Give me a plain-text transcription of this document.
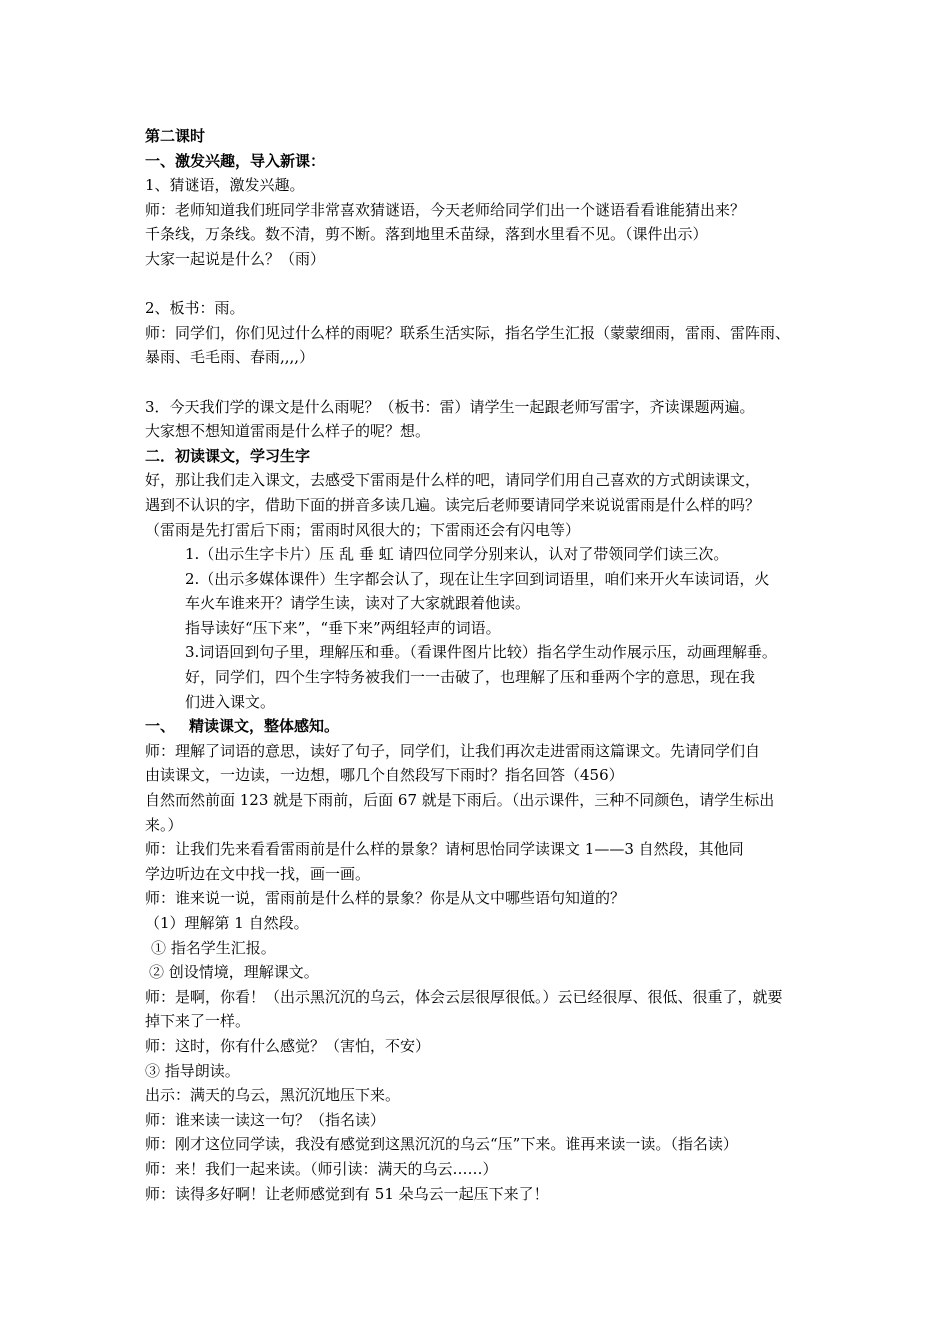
第二课时
一、激发兴趣，导入新课：
1、猜谜语，激发兴趣。
师：老师知道我们班同学非常喜欢猜谜语，今天老师给同学们出一个谜语看看谁能猜出来？
千条线，万条线。数不清，剪不断。落到地里禾苗绿，落到水里看不见。（课件出示）
大家一起说是什么？（雨）
2、板书：雨。
师：同学们，你们见过什么样的雨呢？联系生活实际，指名学生汇报（蒙蒙细雨，雷雨、雷阵雨、
暴雨、毛毛雨、春雨,,,,）
3．今天我们学的课文是什么雨呢？（板书：雷）请学生一起跟老师写雷字，齐读课题两遍。
大家想不想知道雷雨是什么样子的呢？想。
二．初读课文，学习生字
好，那让我们走入课文，去感受下雷雨是什么样的吧，请同学们用自己喜欢的方式朗读课文，
遇到不认识的字，借助下面的拼音多读几遍。读完后老师要请同学来说说雷雨是什么样的吗？
（雷雨是先打雷后下雨；雷雨时风很大的；下雷雨还会有闪电等）
1.（出示生字卡片）压 乱 垂 虹 请四位同学分别来认，认对了带领同学们读三次。
2.（出示多媒体课件）生字都会认了，现在让生字回到词语里，咱们来开火车读词语，火
车火车谁来开？请学生读，读对了大家就跟着他读。
指导读好“压下来”，“垂下来”两组轻声的词语。
3.词语回到句子里，理解压和垂。（看课件图片比较）指名学生动作展示压，动画理解垂。
好，同学们，四个生字特务被我们一一击破了，也理解了压和垂两个字的意思，现在我
们进入课文。
一、 精读课文，整体感知。
师：理解了词语的意思，读好了句子，同学们，让我们再次走进雷雨这篇课文。先请同学们自
由读课文，一边读，一边想，哪几个自然段写下雨时？指名回答（456）
自然而然前面 123 就是下雨前，后面 67 就是下雨后。（出示课件，三种不同颜色，请学生标出
来。）
师：让我们先来看看雷雨前是什么样的景象？请柯思怡同学读课文 1——3 自然段，其他同
学边听边在文中找一找，画一画。
师：谁来说一说，雷雨前是什么样的景象？你是从文中哪些语句知道的？
（1）理解第 1 自然段。
① 指名学生汇报。
② 创设情境，理解课文。
师：是啊，你看！（出示黑沉沉的乌云，体会云层很厚很低。）云已经很厚、很低、很重了，就要
掉下来了一样。
师：这时，你有什么感觉？（害怕，不安）
③ 指导朗读。
出示：满天的乌云，黑沉沉地压下来。
师：谁来读一读这一句？（指名读）
师：刚才这位同学读，我没有感觉到这黑沉沉的乌云“压”下来。谁再来读一读。（指名读）
师：来！我们一起来读。（师引读：满天的乌云……）
师：读得多好啊！让老师感觉到有 51 朵乌云一起压下来了！
